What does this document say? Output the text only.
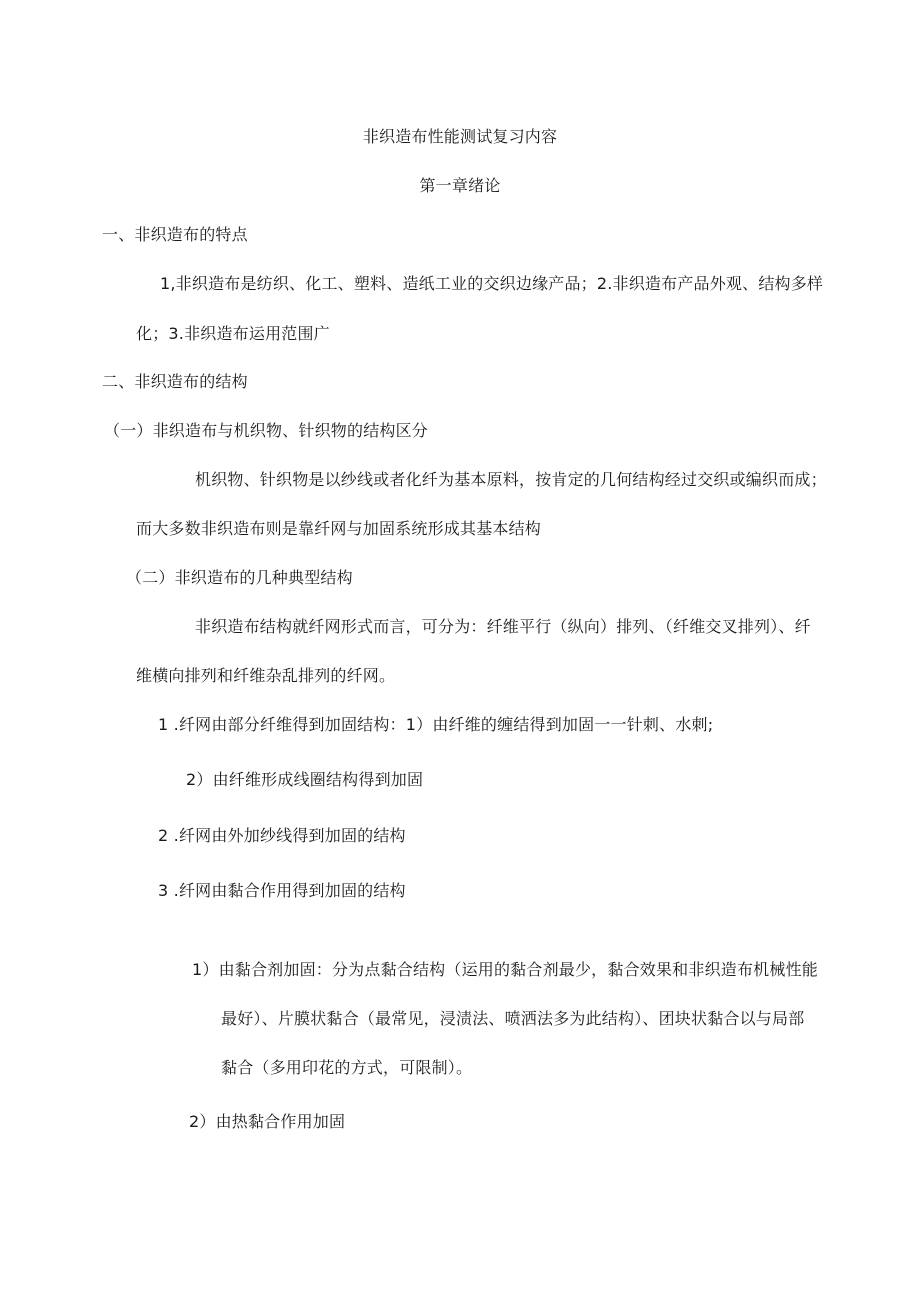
非织造布性能测试复习内容
第一章绪论
一、非织造布的特点
1,非织造布是纺织、化工、塑料、造纸工业的交织边缘产品；2.非织造布产品外观、结构多样
化；3.非织造布运用范围广
二、非织造布的结构
（一）非织造布与机织物、针织物的结构区分
机织物、针织物是以纱线或者化纤为基本原料，按肯定的几何结构经过交织或编织而成；
而大多数非织造布则是靠纤网与加固系统形成其基本结构
（二）非织造布的几种典型结构
非织造布结构就纤网形式而言，可分为：纤维平行（纵向）排列、（纤维交叉排列）、纤
维横向排列和纤维杂乱排列的纤网。
1 .纤网由部分纤维得到加固结构：1）由纤维的缠结得到加固一一针刺、水刺;
2）由纤维形成线圈结构得到加固
2 .纤网由外加纱线得到加固的结构
3 .纤网由黏合作用得到加固的结构
1）由黏合剂加固：分为点黏合结构（运用的黏合剂最少，黏合效果和非织造布机械性能
最好）、片膜状黏合（最常见，浸渍法、喷洒法多为此结构）、团块状黏合以与局部
黏合（多用印花的方式，可限制）。
2）由热黏合作用加固
